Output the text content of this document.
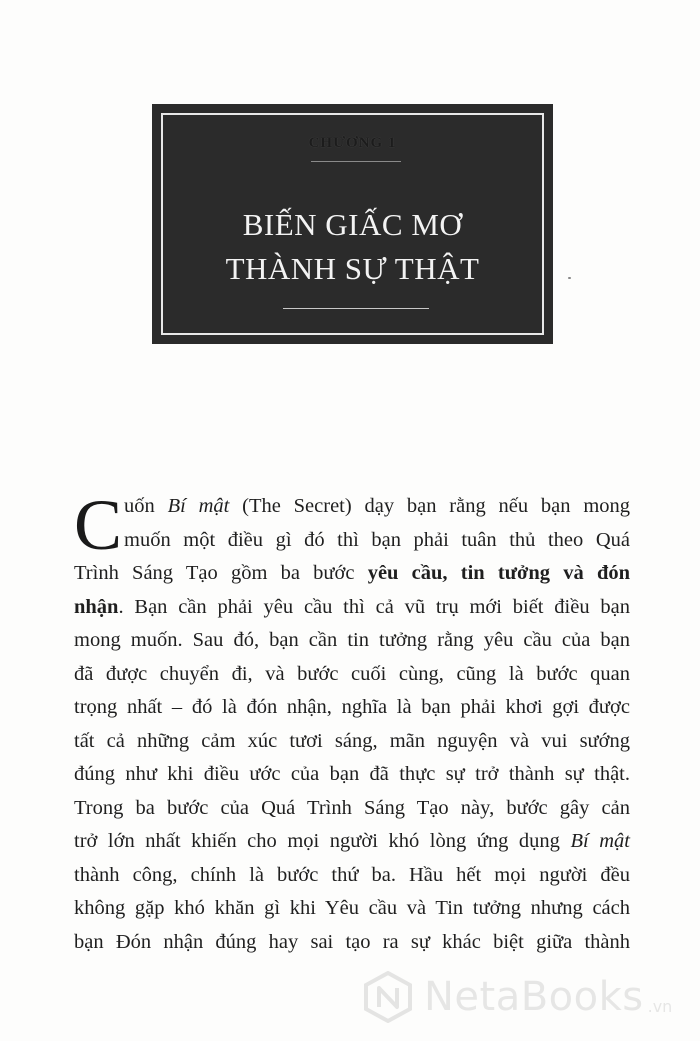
CHƯƠNG 1
BIẾN GIẤC MƠ
THÀNH SỰ THẬT
C uốn Bí mật (The Secret) dạy bạn rằng nếu bạn mong
muốn một điều gì đó thì bạn phải tuân thủ theo Quá
Trình Sáng Tạo gồm ba bước yêu cầu, tin tưởng và đón
nhận. Bạn cần phải yêu cầu thì cả vũ trụ mới biết điều bạn
mong muốn. Sau đó, bạn cần tin tưởng rằng yêu cầu của bạn
đã được chuyển đi, và bước cuối cùng, cũng là bước quan
trọng nhất – đó là đón nhận, nghĩa là bạn phải khơi gợi được
tất cả những cảm xúc tươi sáng, mãn nguyện và vui sướng
đúng như khi điều ước của bạn đã thực sự trở thành sự thật.
Trong ba bước của Quá Trình Sáng Tạo này, bước gây cản
trở lớn nhất khiến cho mọi người khó lòng ứng dụng Bí mật
thành công, chính là bước thứ ba. Hầu hết mọi người đều
không gặp khó khăn gì khi Yêu cầu và Tin tưởng nhưng cách
bạn Đón nhận đúng hay sai tạo ra sự khác biệt giữa thành
NetaBooks .vn
